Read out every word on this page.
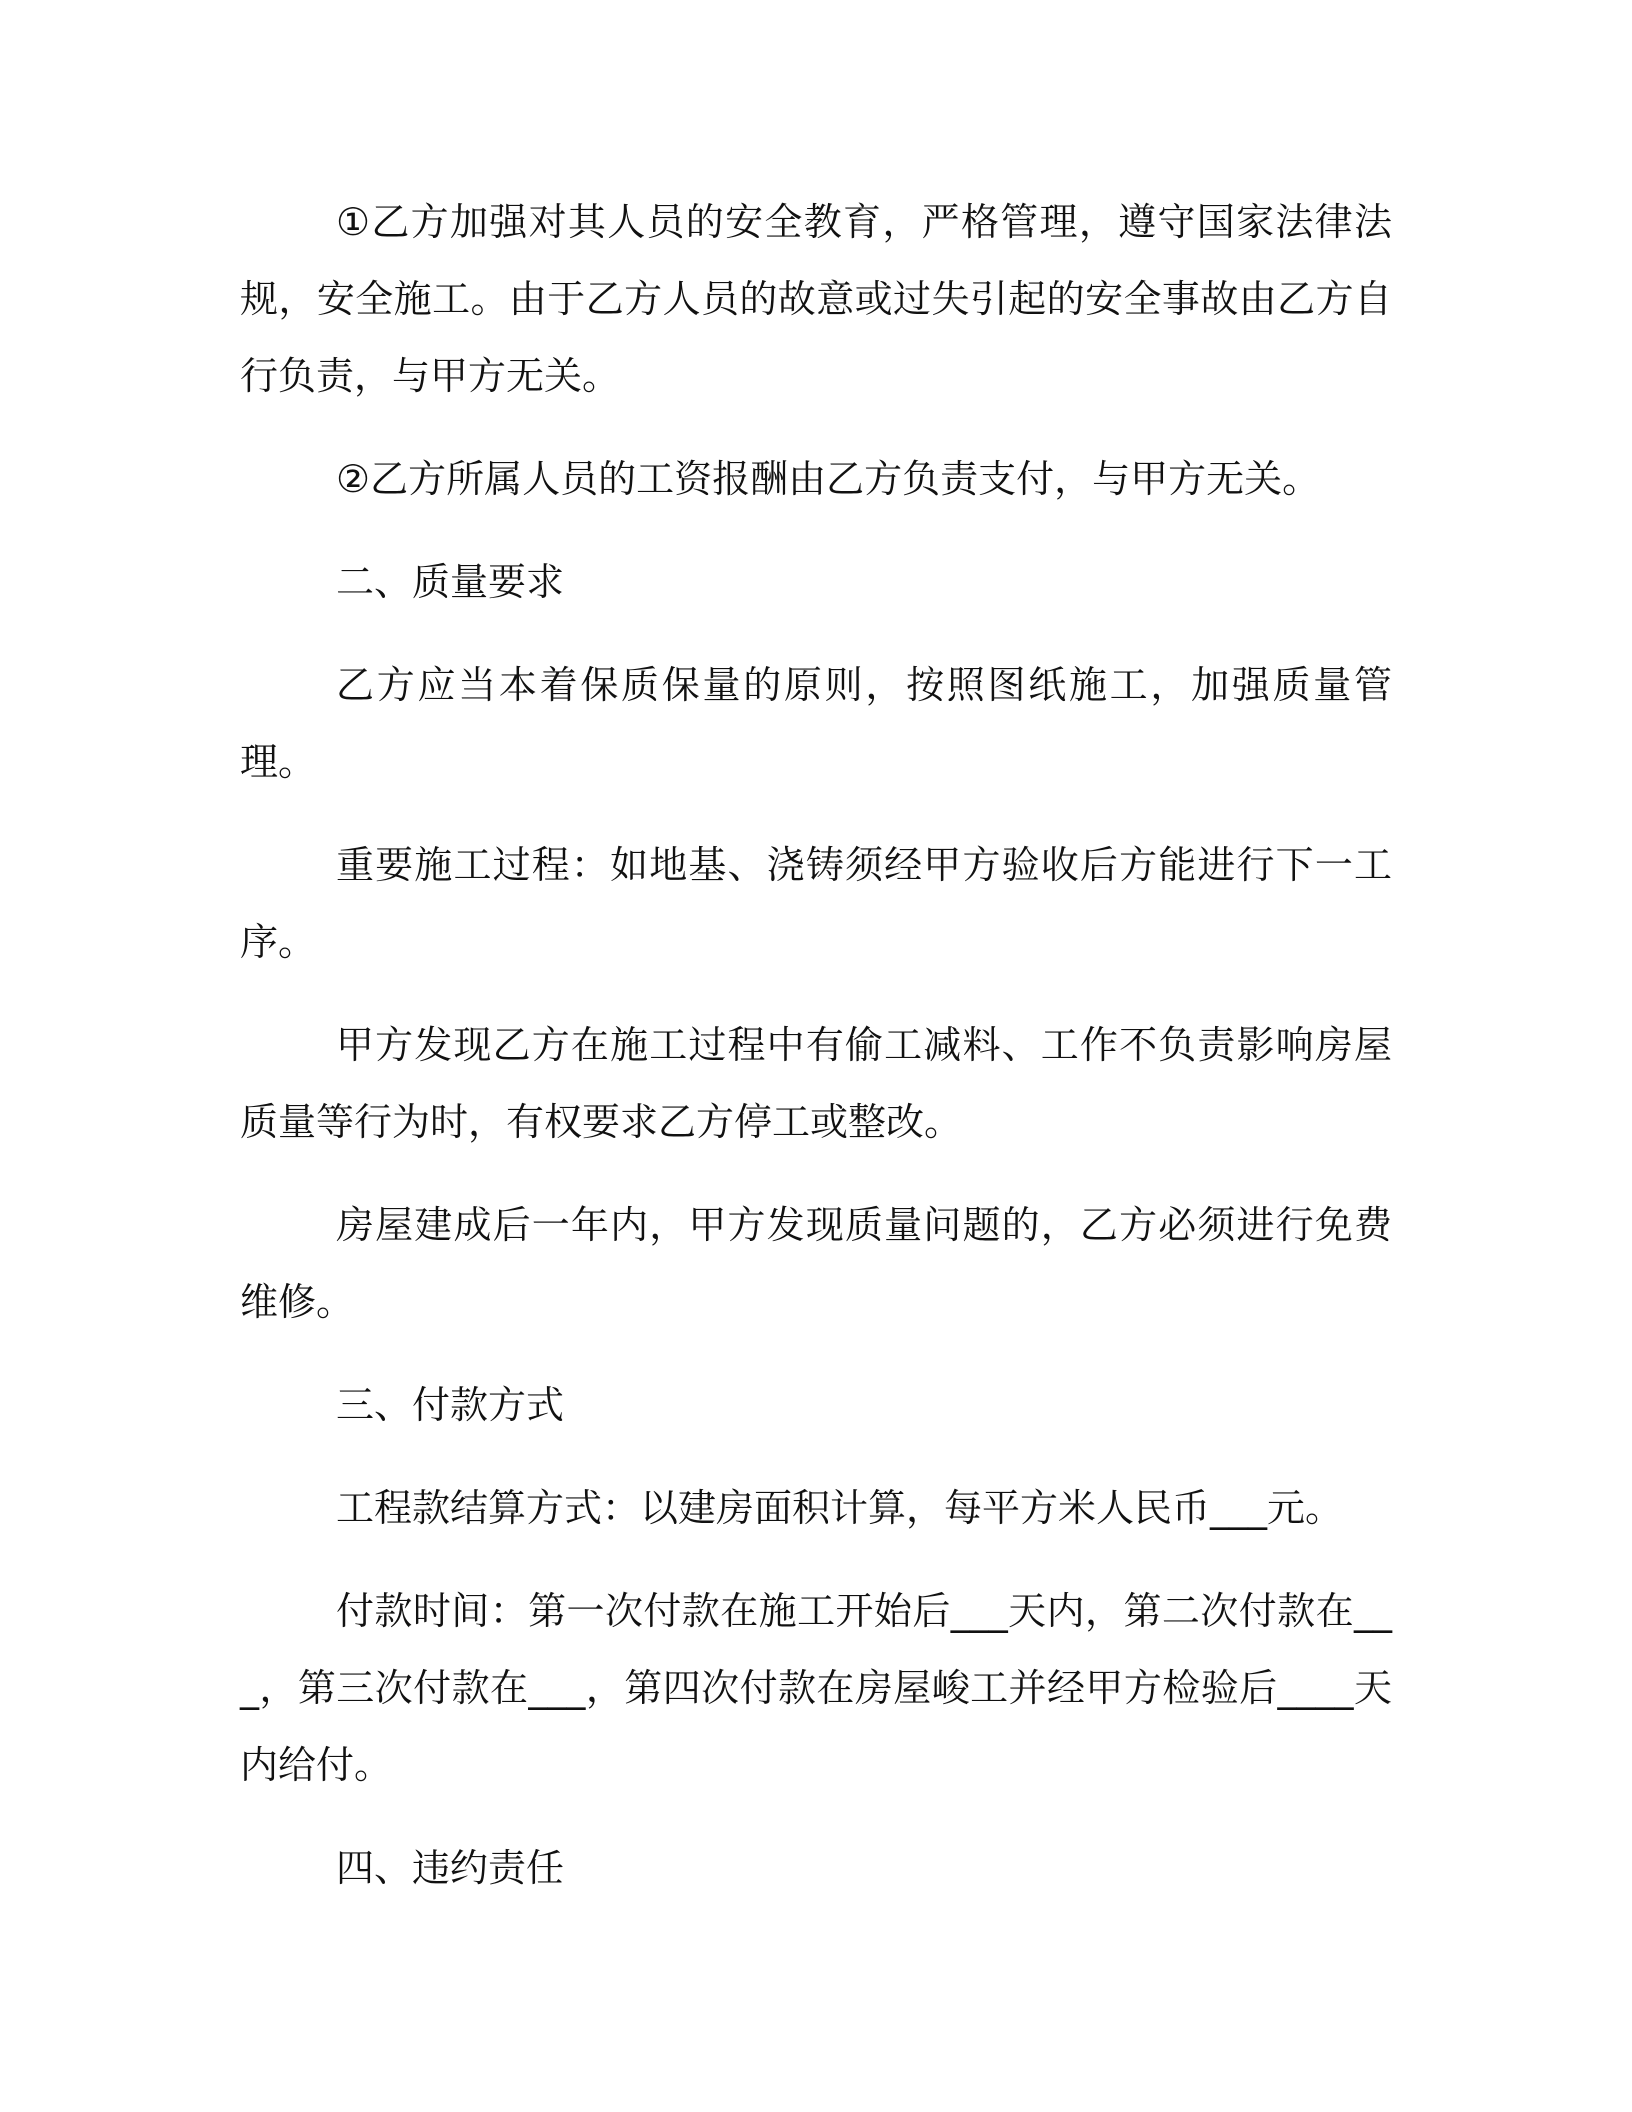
①乙方加强对其人员的安全教育，严格管理，遵守国家法律法规，安全施工。由于乙方人员的故意或过失引起的安全事故由乙方自行负责，与甲方无关。

②乙方所属人员的工资报酬由乙方负责支付，与甲方无关。

二、质量要求

乙方应当本着保质保量的原则，按照图纸施工，加强质量管理。

重要施工过程：如地基、浇铸须经甲方验收后方能进行下一工序。

甲方发现乙方在施工过程中有偷工减料、工作不负责影响房屋质量等行为时，有权要求乙方停工或整改。

房屋建成后一年内，甲方发现质量问题的，乙方必须进行免费维修。

三、付款方式

工程款结算方式：以建房面积计算，每平方米人民币___元。

付款时间：第一次付款在施工开始后___天内，第二次付款在___，第三次付款在___，第四次付款在房屋峻工并经甲方检验后____天内给付。

四、违约责任
